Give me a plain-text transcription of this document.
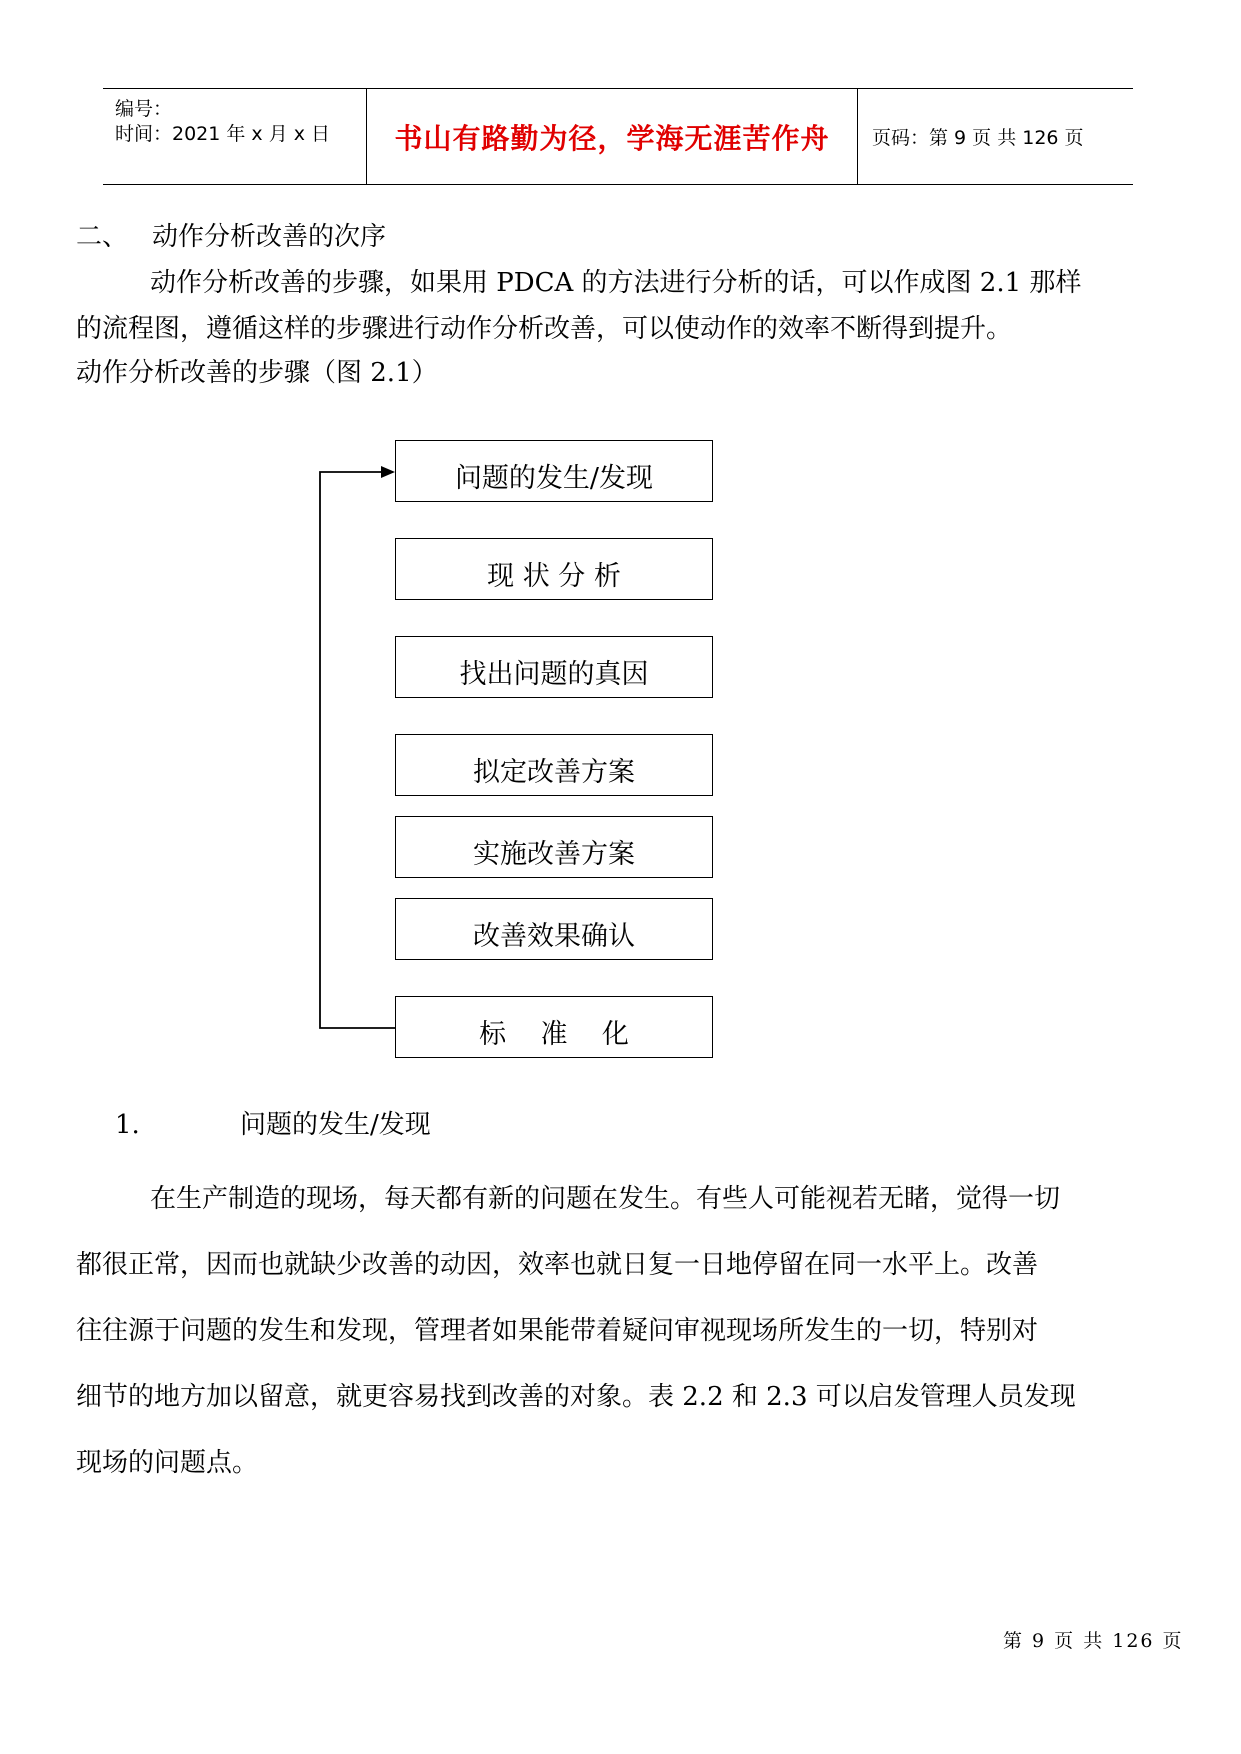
编号：
时间：2021 年 x 月 x 日 书山有路勤为径，学海无涯苦作舟 页码：第 9 页 共 126 页
二、 动作分析改善的次序
动作分析改善的步骤，如果用 PDCA 的方法进行分析的话，可以作成图 2.1 那样
的流程图，遵循这样的步骤进行动作分析改善，可以使动作的效率不断得到提升。
动作分析改善的步骤（图 2.1）
问题的发生/发现
现 状 分 析
找出问题的真因
拟定改善方案
实施改善方案
改善效果确认
标    准    化
1.	问题的发生/发现
在生产制造的现场，每天都有新的问题在发生。有些人可能视若无睹，觉得一切
都很正常，因而也就缺少改善的动因，效率也就日复一日地停留在同一水平上。改善
往往源于问题的发生和发现，管理者如果能带着疑问审视现场所发生的一切，特别对
细节的地方加以留意，就更容易找到改善的对象。表 2.2 和 2.3 可以启发管理人员发现
现场的问题点。
第 9 页 共 126 页
